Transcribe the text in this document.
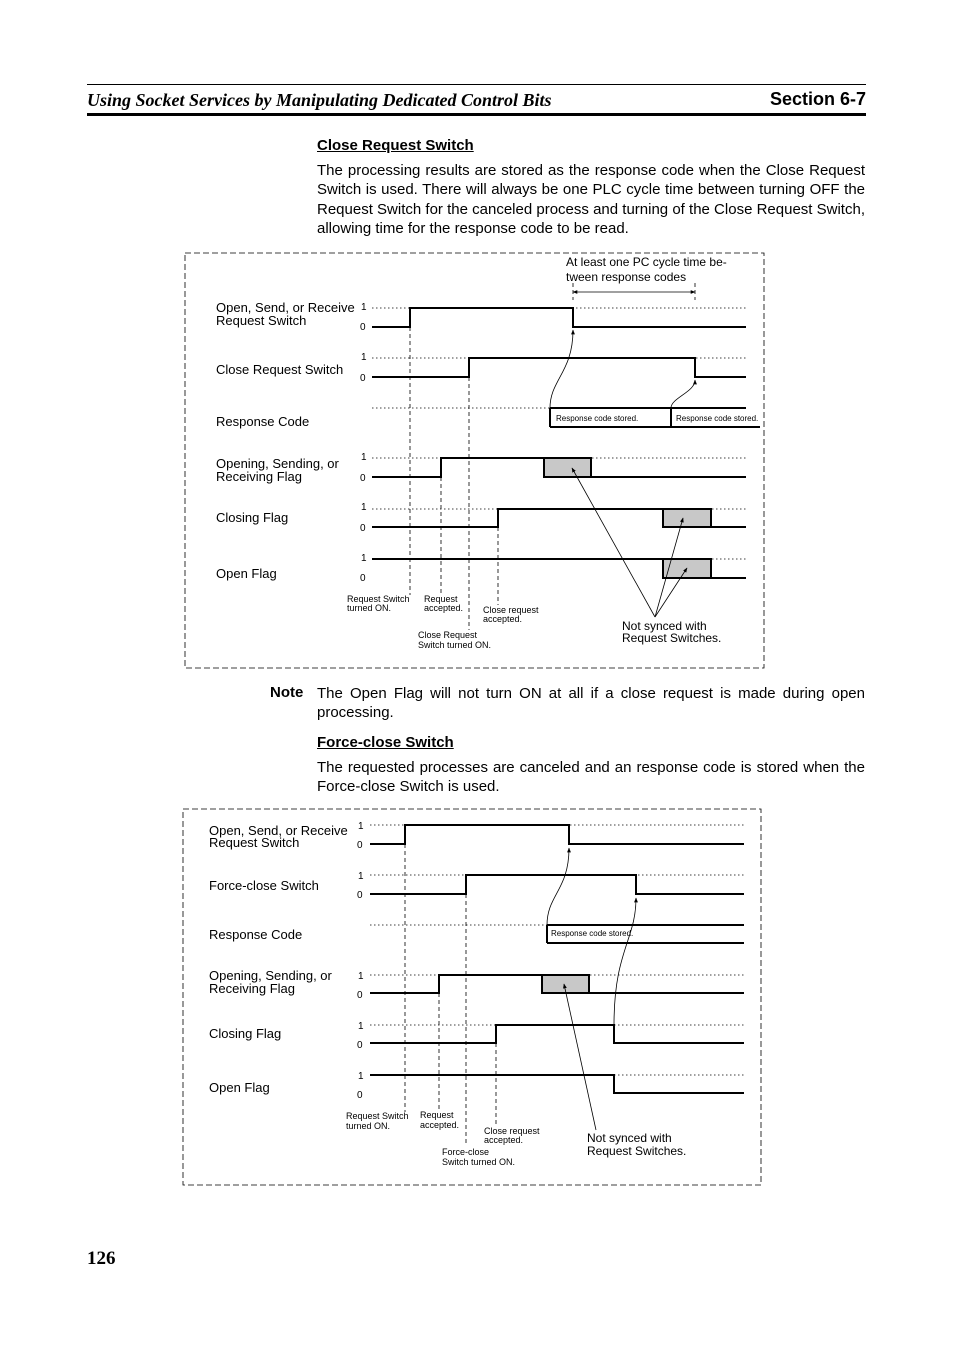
Using Socket Services by Manipulating Dedicated Control Bits	Section 6-7
Close Request Switch
The processing results are stored as the response code when the Close Request Switch is used. There will always be one PLC cycle time between turning OFF the Request Switch for the canceled process and turning of the Close Request Switch, allowing time for the response code to be read.
Note The Open Flag will not turn ON at all if a close request is made during open processing.
Force-close Switch
The requested processes are canceled and an response code is stored when the Force-close Switch is used.
At least one PC cycle time be-
tween response codes
Open, Send, or Receive
Request Switch
Close Request Switch
Response Code
Opening, Sending, or
Receiving Flag
Closing Flag
Open Flag
1
0
1
0
1
0
1
0
1
0
Response code stored.	Response code stored.
Request Switch
turned ON.
Request
accepted. Close request
accepted.
Close Request
Switch turned ON.
Not synced with
Request Switches.
Open, Send, or Receive
Request Switch
Force-close Switch
Response Code
Opening, Sending, or
Receiving Flag
Closing Flag
Open Flag
1
0
1
0
1
0
1
0
1
0
Response code stored.
Request Switch
turned ON.
Request
accepted.
Close request
accepted.
Force-close
Switch turned ON.
Not synced with
Request Switches.
126
